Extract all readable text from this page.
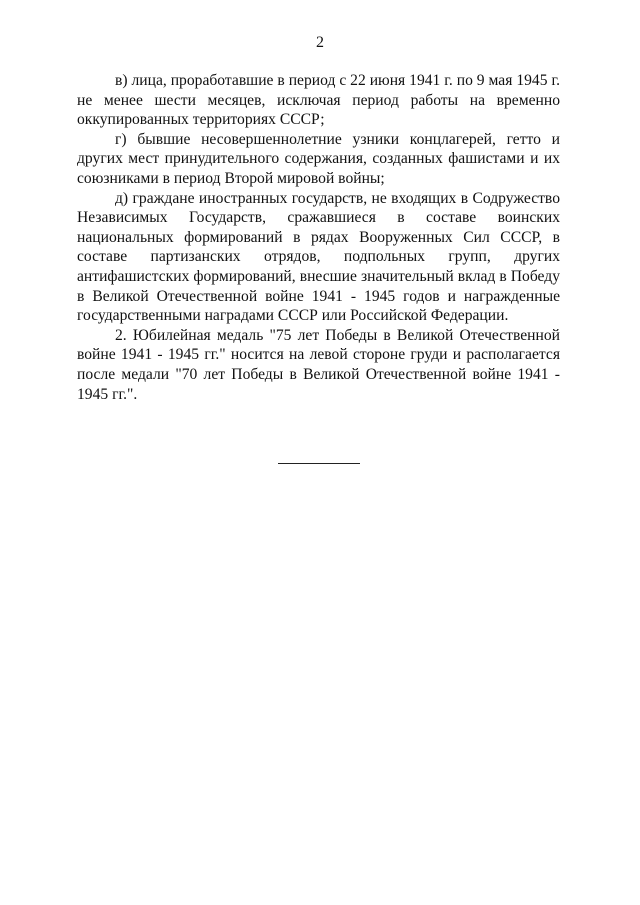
2

в) лица, проработавшие в период с 22 июня 1941 г. по 9 мая 1945 г. не менее шести месяцев, исключая период работы на временно оккупированных территориях СССР;

г) бывшие несовершеннолетние узники концлагерей, гетто и других мест принудительного содержания, созданных фашистами и их союзниками в период Второй мировой войны;

д) граждане иностранных государств, не входящих в Содружество Независимых Государств, сражавшиеся в составе воинских национальных формирований в рядах Вооруженных Сил СССР, в составе партизанских отрядов, подпольных групп, других антифашистских формирований, внесшие значительный вклад в Победу в Великой Отечественной войне 1941 - 1945 годов и награжденные государственными наградами СССР или Российской Федерации.

2. Юбилейная медаль "75 лет Победы в Великой Отечественной войне 1941 - 1945 гг." носится на левой стороне груди и располагается после медали "70 лет Победы в Великой Отечественной войне 1941 - 1945 гг.".
